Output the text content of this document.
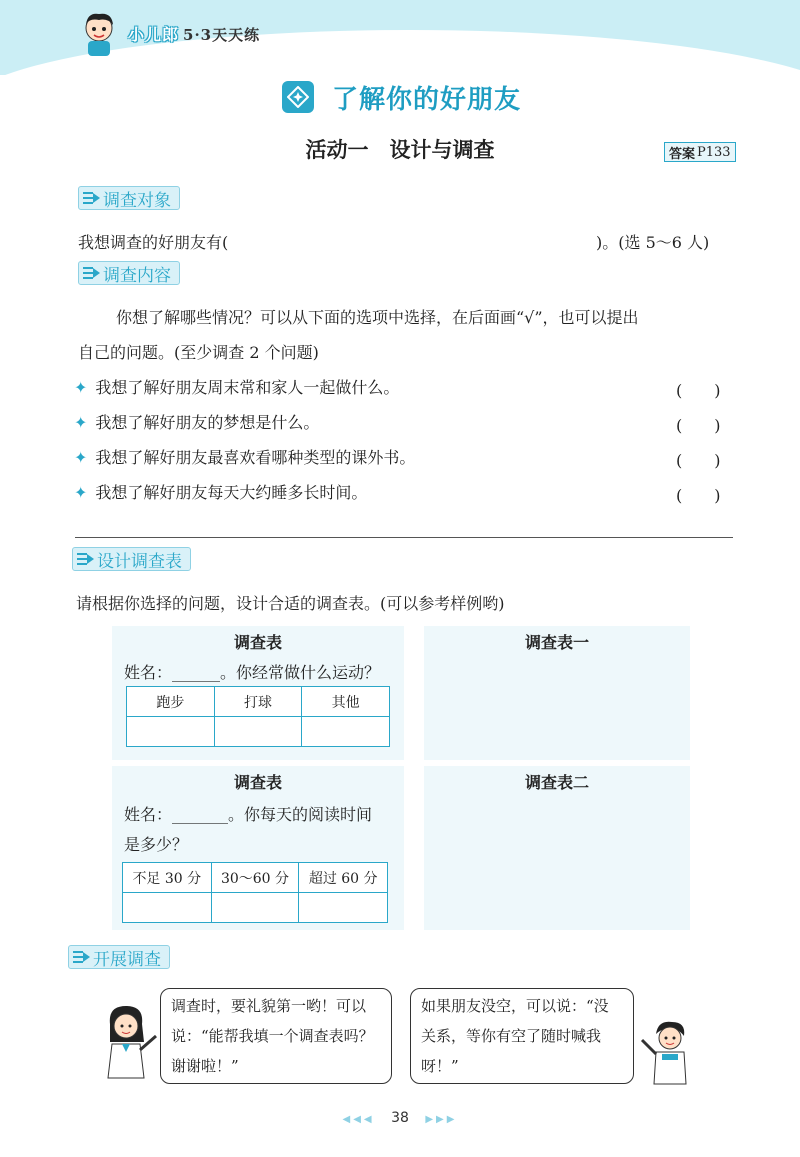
小儿郎 5·3天天练
了解你的好朋友
活动一　设计与调查	答案 P133
调查对象
我想调查的好朋友有(	)。(选 5～6 人)
调查内容
你想了解哪些情况？可以从下面的选项中选择，在后面画“√”，也可以提出
自己的问题。(至少调查 2 个问题)
✦ 我想了解好朋友周末常和家人一起做什么。	(　　)
✦ 我想了解好朋友的梦想是什么。	(　　)
✦ 我想了解好朋友最喜欢看哪种类型的课外书。	(　　)
✦ 我想了解好朋友每天大约睡多长时间。	(　　)
设计调查表
请根据你选择的问题，设计合适的调查表。(可以参考样例哟)
调查表
姓名：______。你经常做什么运动？
跑步	打球	其他

调查表一
调查表
姓名：_______。你每天的阅读时间
是多少？
不足 30 分	30～60 分	超过 60 分

调查表二
开展调查
调查时，要礼貌第一哟！可以
说：“能帮我填一个调查表吗？
谢谢啦！”
如果朋友没空，可以说：“没
关系，等你有空了随时喊我
呀！”
◀◀◀ 38 ▶▶▶
